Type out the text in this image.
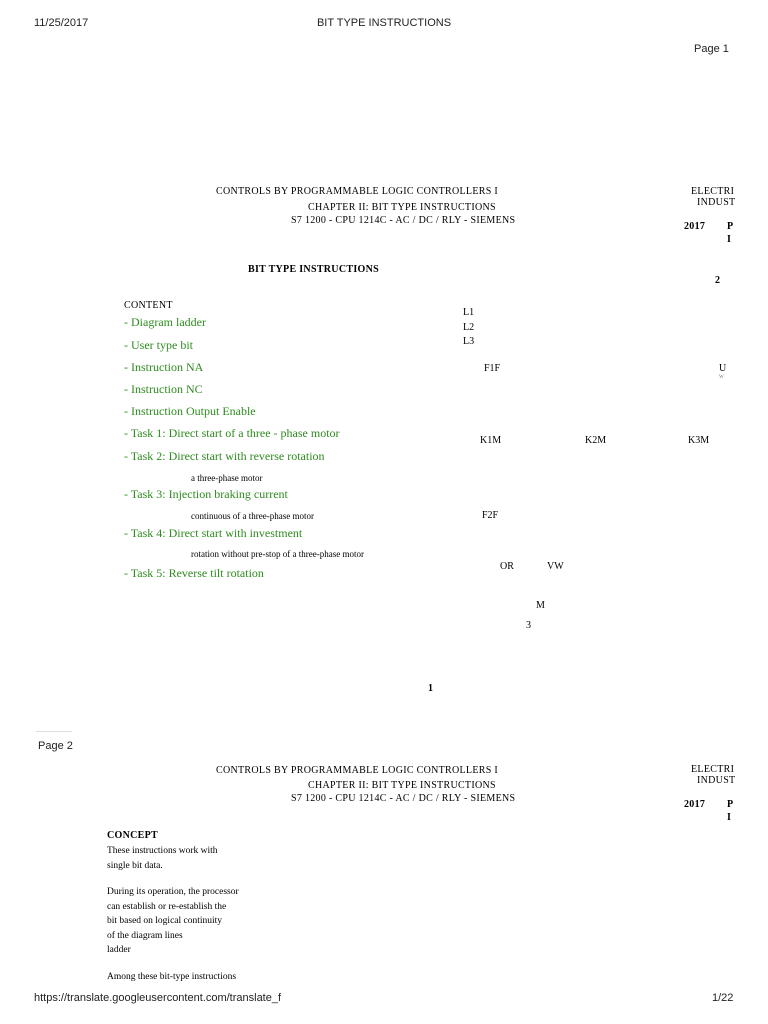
11/25/2017	BIT TYPE INSTRUCTIONS
Page 1
CONTROLS BY PROGRAMMABLE LOGIC CONTROLLERS I
CHAPTER II: BIT TYPE INSTRUCTIONS
S7 1200 - CPU 1214C - AC / DC / RLY - SIEMENS
ELECTRI
INDUST
2017 P
I
2
BIT TYPE INSTRUCTIONS
CONTENT
- Diagram ladder
- User type bit
- Instruction NA
- Instruction NC
- Instruction Output Enable
- Task 1: Direct start of a three - phase motor
- Task 2: Direct start with reverse rotation
a three-phase motor
- Task 3: Injection braking current
continuous of a three-phase motor
- Task 4: Direct start with investment
rotation without pre-stop of a three-phase motor
- Task 5: Reverse tilt rotation
L1
L2
L3
F1F	U
W
K1M	K2M	K3M
F2F
OR	VW
M
3
1
Page 2
CONTROLS BY PROGRAMMABLE LOGIC CONTROLLERS I
CHAPTER II: BIT TYPE INSTRUCTIONS
S7 1200 - CPU 1214C - AC / DC / RLY - SIEMENS
ELECTRI
INDUST
2017 P
I
CONCEPT
These instructions work with
single bit data.
During its operation, the processor
can establish or re-establish the
bit based on logical continuity
of the diagram lines
ladder
Among these bit-type instructions
https://translate.googleusercontent.com/translate_f	1/22
